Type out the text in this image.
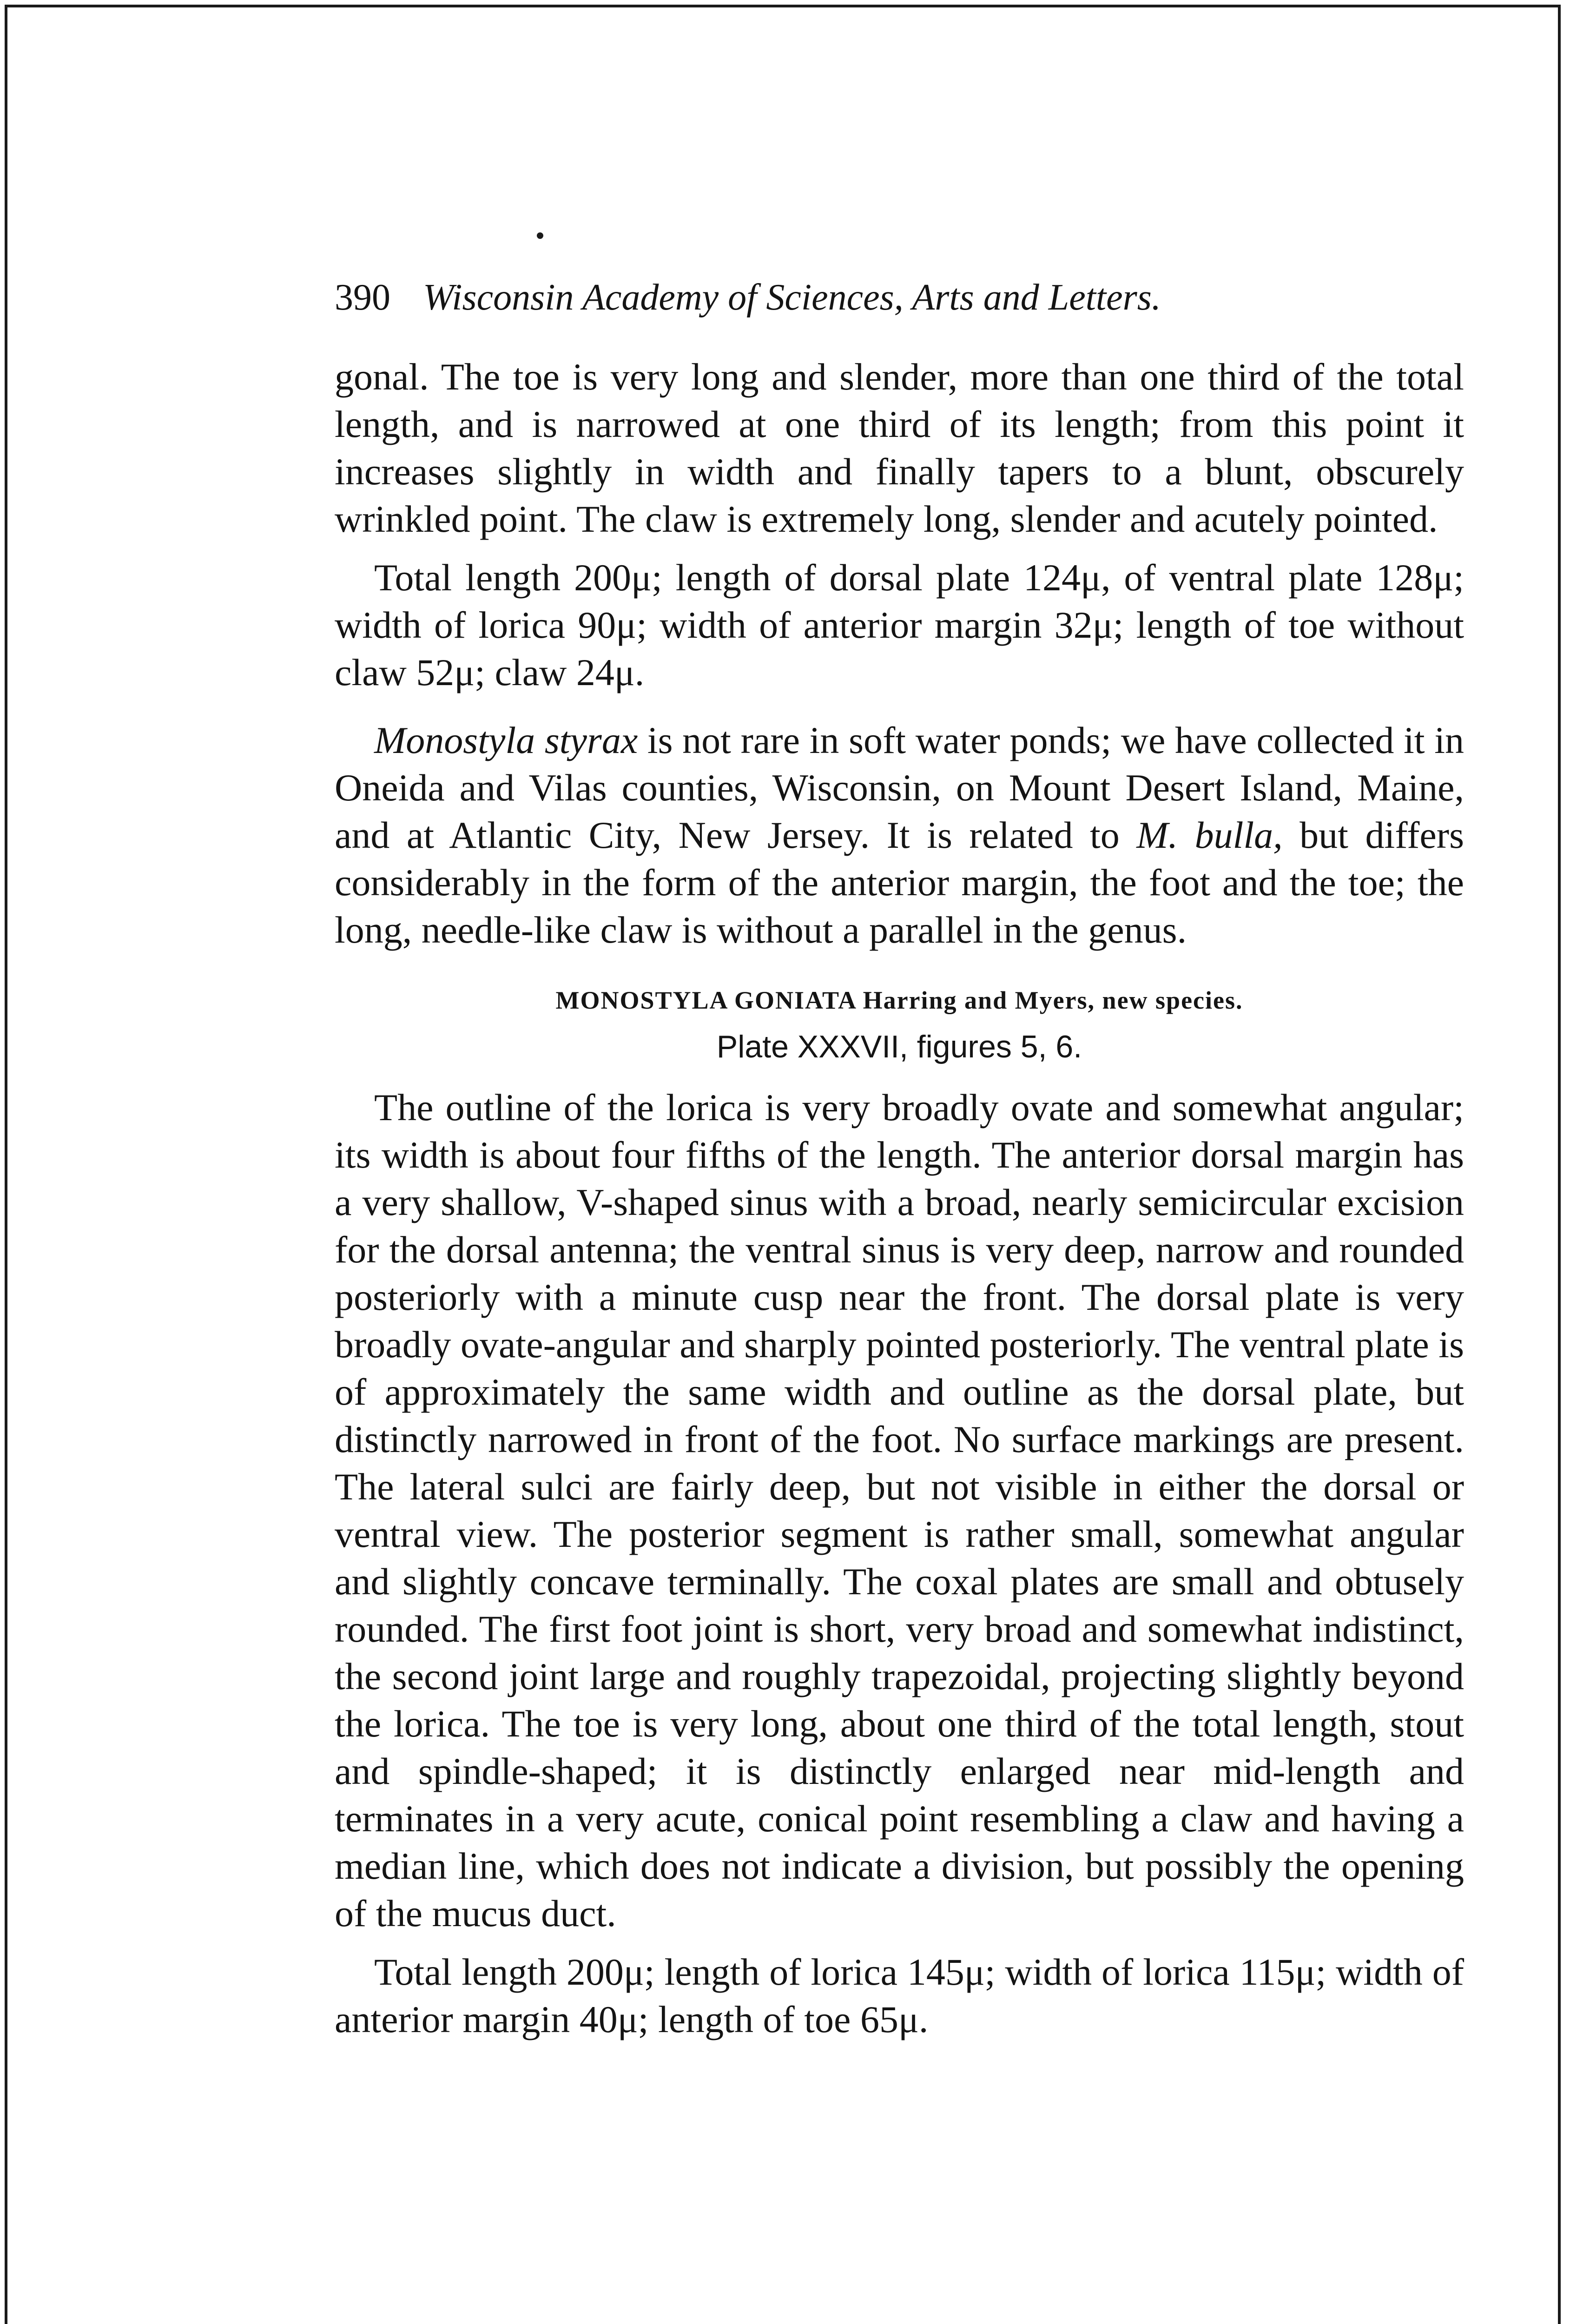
390 Wisconsin Academy of Sciences, Arts and Letters.

gonal. The toe is very long and slender, more than one third of the total length, and is narrowed at one third of its length; from this point it increases slightly in width and finally tapers to a blunt, obscurely wrinkled point. The claw is extremely long, slender and acutely pointed.

Total length 200μ; length of dorsal plate 124μ, of ventral plate 128μ; width of lorica 90μ; width of anterior margin 32μ; length of toe without claw 52μ; claw 24μ.

Monostyla styrax is not rare in soft water ponds; we have collected it in Oneida and Vilas counties, Wisconsin, on Mount Desert Island, Maine, and at Atlantic City, New Jersey. It is related to M. bulla, but differs considerably in the form of the anterior margin, the foot and the toe; the long, needle-like claw is without a parallel in the genus.

MONOSTYLA GONIATA Harring and Myers, new species.
Plate XXXVII, figures 5, 6.

The outline of the lorica is very broadly ovate and somewhat angular; its width is about four fifths of the length. The anterior dorsal margin has a very shallow, V-shaped sinus with a broad, nearly semicircular excision for the dorsal antenna; the ventral sinus is very deep, narrow and rounded posteriorly with a minute cusp near the front. The dorsal plate is very broadly ovate-angular and sharply pointed posteriorly. The ventral plate is of approximately the same width and outline as the dorsal plate, but distinctly narrowed in front of the foot. No surface markings are present. The lateral sulci are fairly deep, but not visible in either the dorsal or ventral view. The posterior segment is rather small, somewhat angular and slightly concave terminally. The coxal plates are small and obtusely rounded. The first foot joint is short, very broad and somewhat indistinct, the second joint large and roughly trapezoidal, projecting slightly beyond the lorica. The toe is very long, about one third of the total length, stout and spindle-shaped; it is distinctly enlarged near mid-length and terminates in a very acute, conical point resembling a claw and having a median line, which does not indicate a division, but possibly the opening of the mucus duct.

Total length 200μ; length of lorica 145μ; width of lorica 115μ; width of anterior margin 40μ; length of toe 65μ.
